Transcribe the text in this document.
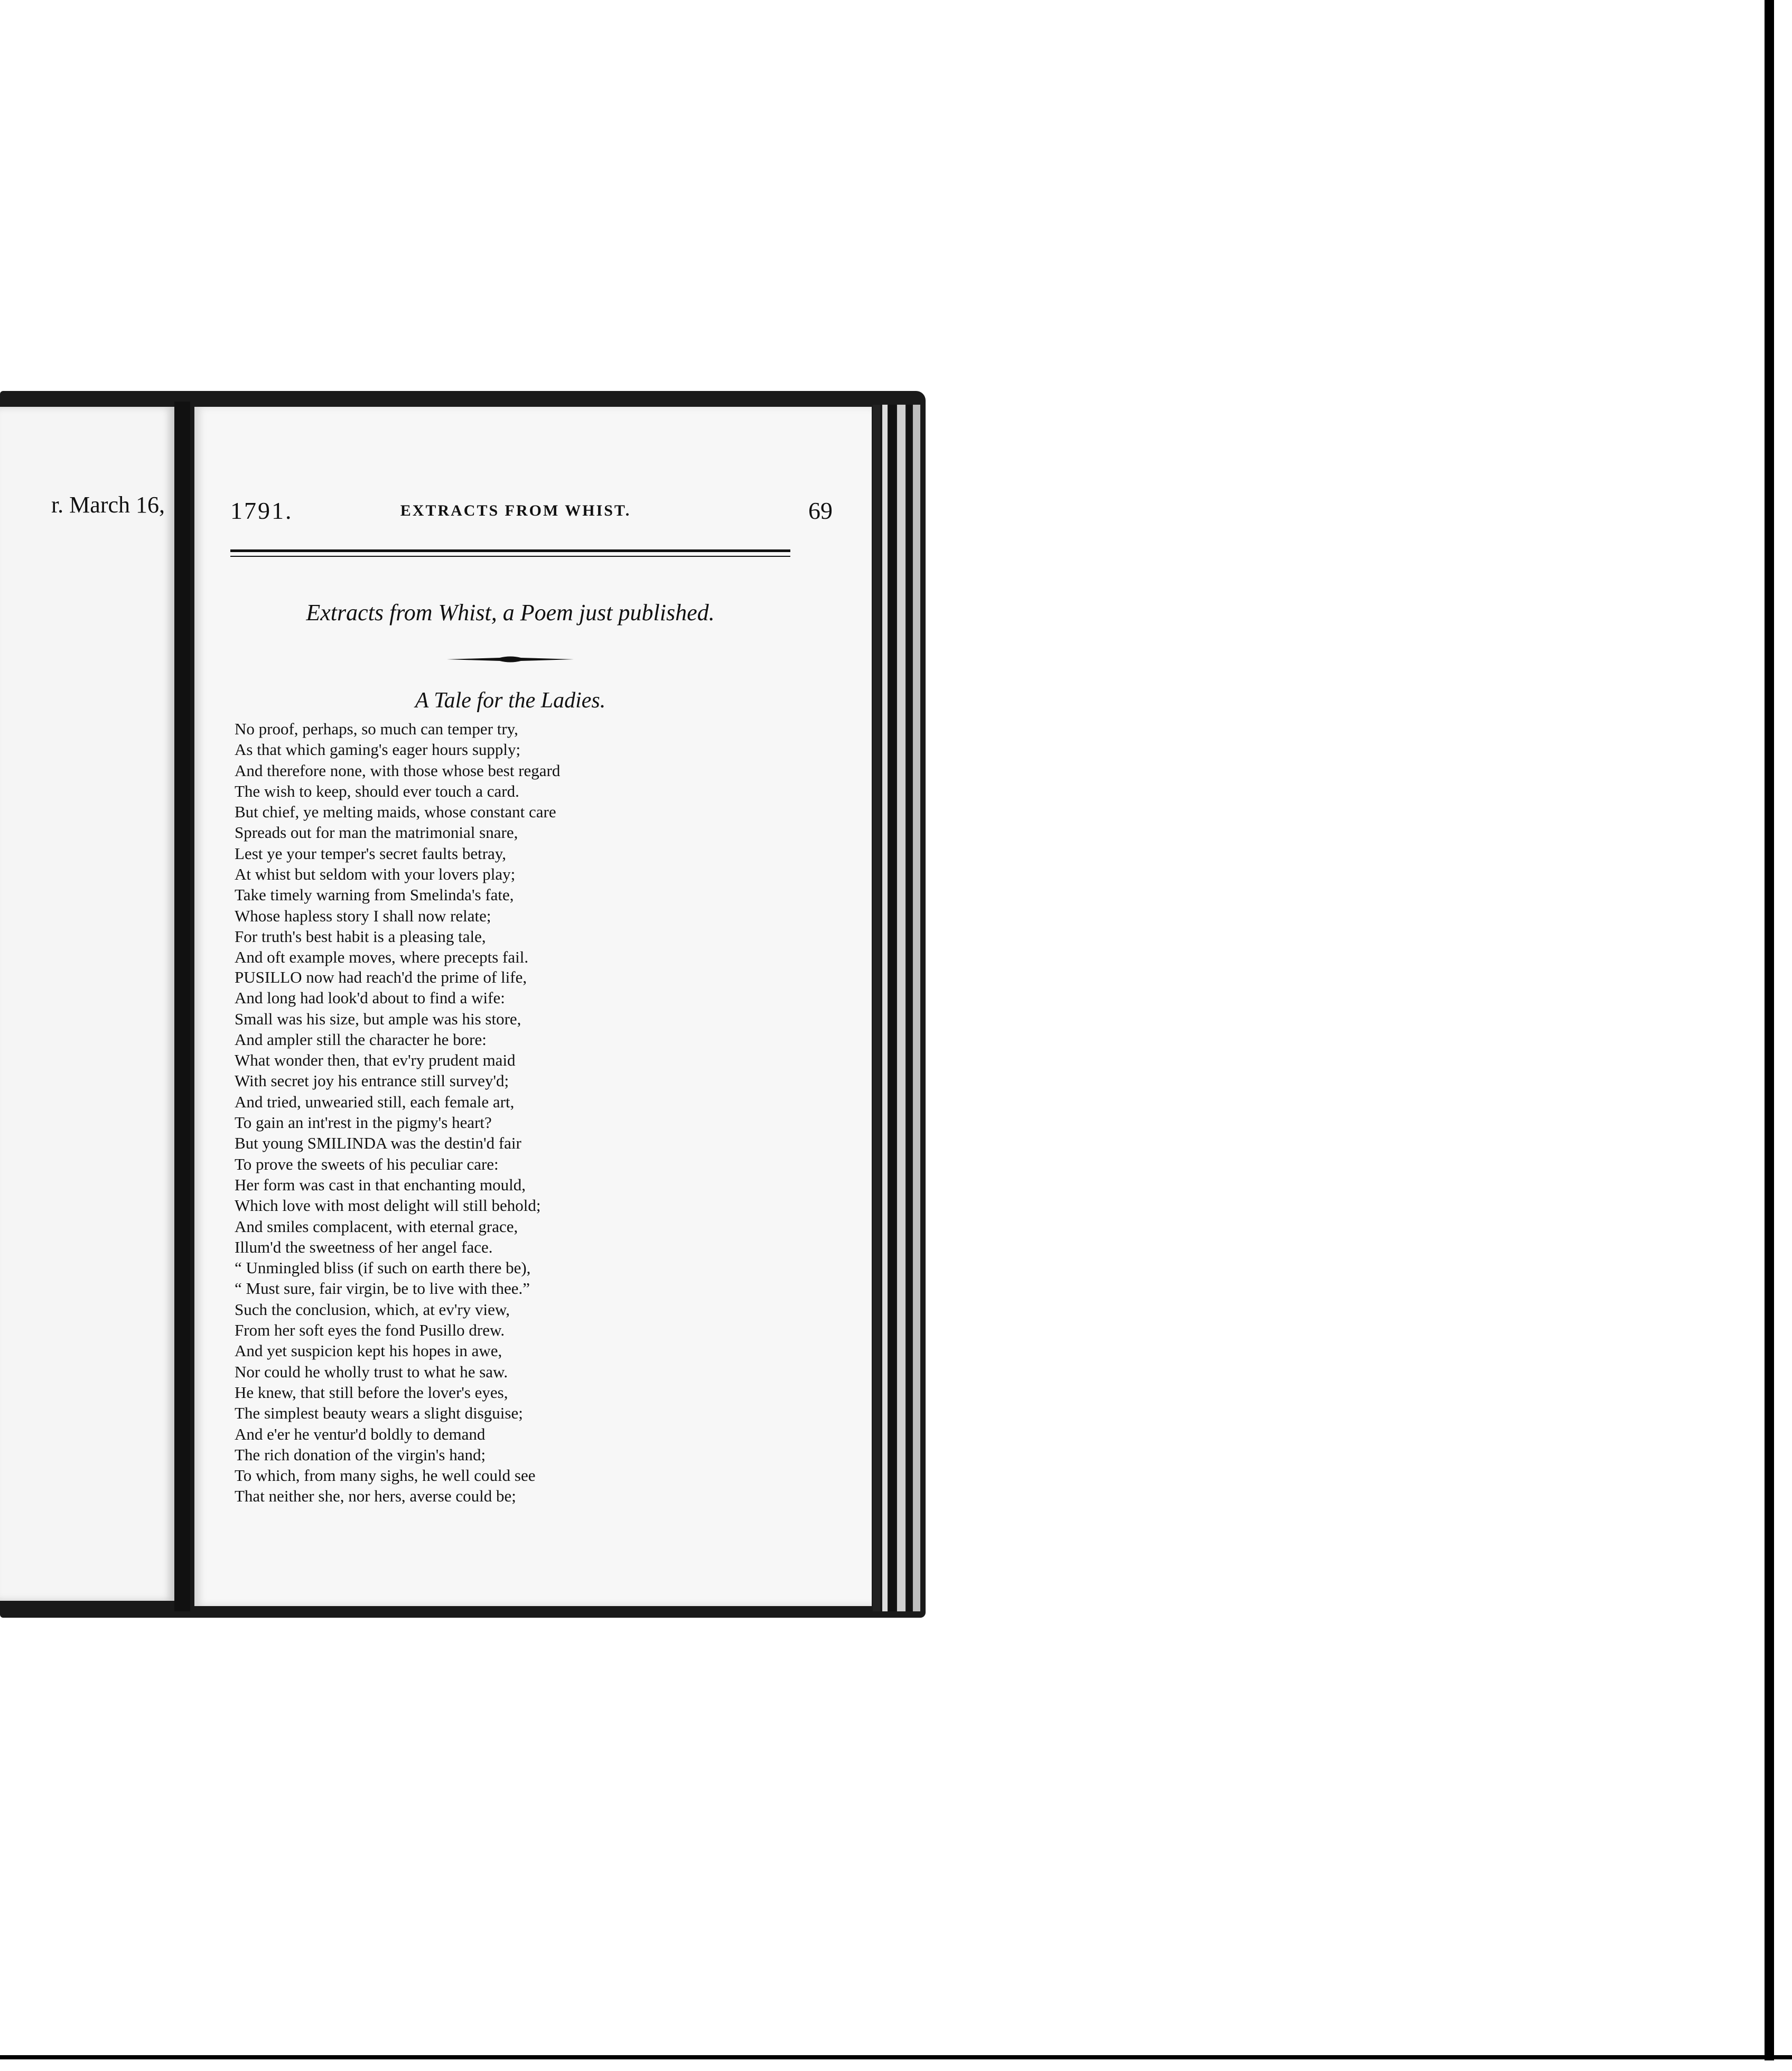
r. March 16,	1791.	EXTRACTS FROM WHIST.	69
Extracts from Whist, a Poem just published.
A Tale for the Ladies.
No proof, perhaps, so much can temper try,
As that which gaming's eager hours supply;
And therefore none, with those whose best regard
The wish to keep, should ever touch a card.
But chief, ye melting maids, whose constant care
Spreads out for man the matrimonial snare,
Lest ye your temper's secret faults betray,
At whist but seldom with your lovers play;
Take timely warning from Smelinda's fate,
Whose hapless story I shall now relate;
For truth's best habit is a pleasing tale,
And oft example moves, where precepts fail.
PUSILLO now had reach'd the prime of life,
And long had look'd about to find a wife:
Small was his size, but ample was his store,
And ampler still the character he bore:
What wonder then, that ev'ry prudent maid
With secret joy his entrance still survey'd;
And tried, unwearied still, each female art,
To gain an int'rest in the pigmy's heart?
But young SMILINDA was the destin'd fair
To prove the sweets of his peculiar care:
Her form was cast in that enchanting mould,
Which love with most delight will still behold;
And smiles complacent, with eternal grace,
Illum'd the sweetness of her angel face.
“ Unmingled bliss (if such on earth there be),
“ Must sure, fair virgin, be to live with thee.”
Such the conclusion, which, at ev'ry view,
From her soft eyes the fond Pusillo drew.
And yet suspicion kept his hopes in awe,
Nor could he wholly trust to what he saw.
He knew, that still before the lover's eyes,
The simplest beauty wears a slight disguise;
And e'er he ventur'd boldly to demand
The rich donation of the virgin's hand;
To which, from many sighs, he well could see
That neither she, nor hers, averse could be;
